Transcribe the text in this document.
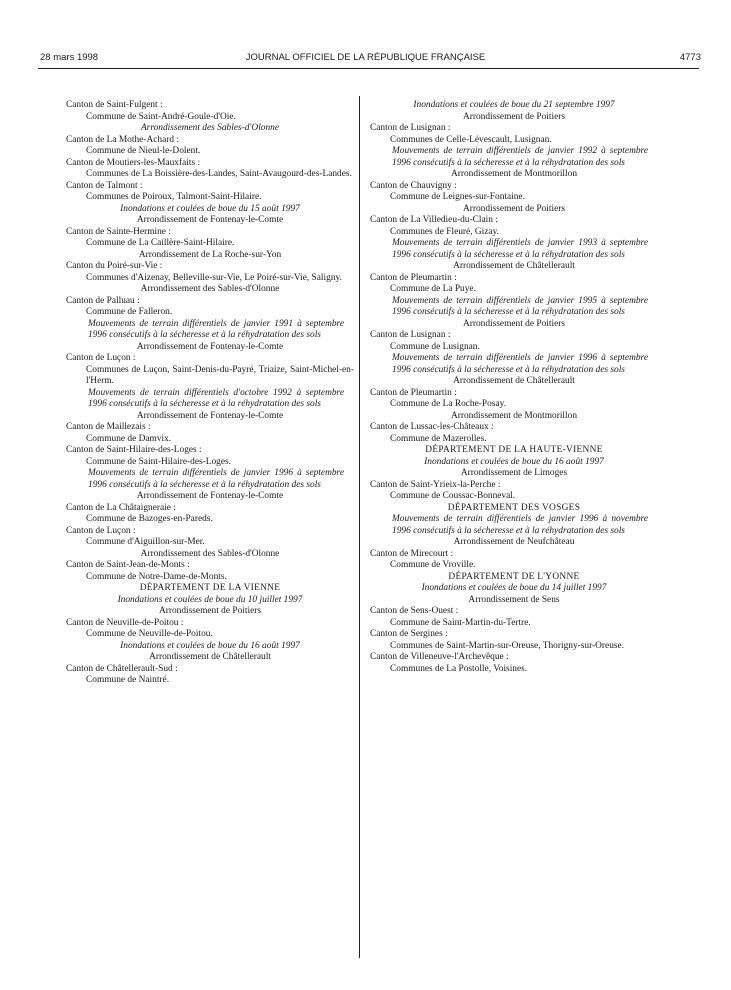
28 mars 1998	JOURNAL OFFICIEL DE LA RÉPUBLIQUE FRANÇAISE	4773
Canton de Saint-Fulgent :
Commune de Saint-André-Goule-d'Oie.
Arrondissement des Sables-d'Olonne
Canton de La Mothe-Achard :
Commune de Nieul-le-Dolent.
Canton de Moutiers-les-Mauxfaits :
Communes de La Boissière-des-Landes, Saint-Avaugourd-des-Landes.
Canton de Talmont :
Communes de Poiroux, Talmont-Saint-Hilaire.
Inondations et coulées de boue du 15 août 1997
Arrondissement de Fontenay-le-Comte
Canton de Sainte-Hermine :
Commune de La Caillère-Saint-Hilaire.
Arrondissement de La Roche-sur-Yon
Canton du Poiré-sur-Vie :
Communes d'Aizenay, Belleville-sur-Vie, Le Poiré-sur-Vie, Saligny.
Arrondissement des Sables-d'Olonne
Canton de Palluau :
Commune de Falleron.
Mouvements de terrain différentiels de janvier 1991 à septembre 1996 consécutifs à la sécheresse et à la réhydratation des sols
Arrondissement de Fontenay-le-Comte
Canton de Luçon :
Communes de Luçon, Saint-Denis-du-Payré, Triaize, Saint-Michel-en-l'Herm.
Mouvements de terrain différentiels d'octobre 1992 à septembre 1996 consécutifs à la sécheresse et à la réhydratation des sols
Arrondissement de Fontenay-le-Comte
Canton de Maillezais :
Commune de Damvix.
Canton de Saint-Hilaire-des-Loges :
Commune de Saint-Hilaire-des-Loges.
Mouvements de terrain différentiels de janvier 1996 à septembre 1996 consécutifs à la sécheresse et à la réhydratation des sols
Arrondissement de Fontenay-le-Comte
Canton de La Châtaigneraie :
Commune de Bazoges-en-Pareds.
Canton de Luçon :
Commune d'Aiguillon-sur-Mer.
Arrondissement des Sables-d'Olonne
Canton de Saint-Jean-de-Monts :
Commune de Notre-Dame-de-Monts.
DÉPARTEMENT DE LA VIENNE
Inondations et coulées de boue du 10 juillet 1997
Arrondissement de Poitiers
Canton de Neuville-de-Poitou :
Commune de Neuville-de-Poitou.
Inondations et coulées de boue du 16 août 1997
Arrondissement de Châtellerault
Canton de Châtellerault-Sud :
Commune de Naintré.
Inondations et coulées de boue du 21 septembre 1997
Arrondissement de Poitiers
Canton de Lusignan :
Communes de Celle-Lévescault, Lusignan.
Mouvements de terrain différentiels de janvier 1992 à septembre 1996 consécutifs à la sécheresse et à la réhydratation des sols
Arrondissement de Montmorillon
Canton de Chauvigny :
Commune de Leignes-sur-Fontaine.
Arrondissement de Poitiers
Canton de La Villedieu-du-Clain :
Communes de Fleuré, Gizay.
Mouvements de terrain différentiels de janvier 1993 à septembre 1996 consécutifs à la sécheresse et à la réhydratation des sols
Arrondissement de Châtellerault
Canton de Pleumartin :
Commune de La Puye.
Mouvements de terrain différentiels de janvier 1995 à septembre 1996 consécutifs à la sécheresse et à la réhydratation des sols
Arrondissement de Poitiers
Canton de Lusignan :
Commune de Lusignan.
Mouvements de terrain différentiels de janvier 1996 à septembre 1996 consécutifs à la sécheresse et à la réhydratation des sols
Arrondissement de Châtellerault
Canton de Pleumartin :
Commune de La Roche-Posay.
Arrondissement de Montmorillon
Canton de Lussac-les-Châteaux :
Commune de Mazerolles.
DÉPARTEMENT DE LA HAUTE-VIENNE
Inondations et coulées de boue du 16 août 1997
Arrondissement de Limoges
Canton de Saint-Yrieix-la-Perche :
Commune de Coussac-Bonneval.
DÉPARTEMENT DES VOSGES
Mouvements de terrain différentiels de janvier 1996 à novembre 1996 consécutifs à la sécheresse et à la réhydratation des sols
Arrondissement de Neufchâteau
Canton de Mirecourt :
Commune de Vroville.
DÉPARTEMENT DE L'YONNE
Inondations et coulées de boue du 14 juillet 1997
Arrondissement de Sens
Canton de Sens-Ouest :
Commune de Saint-Martin-du-Tertre.
Canton de Sergines :
Communes de Saint-Martin-sur-Oreuse, Thorigny-sur-Oreuse.
Canton de Villeneuve-l'Archevêque :
Communes de La Postolle, Voisines.
